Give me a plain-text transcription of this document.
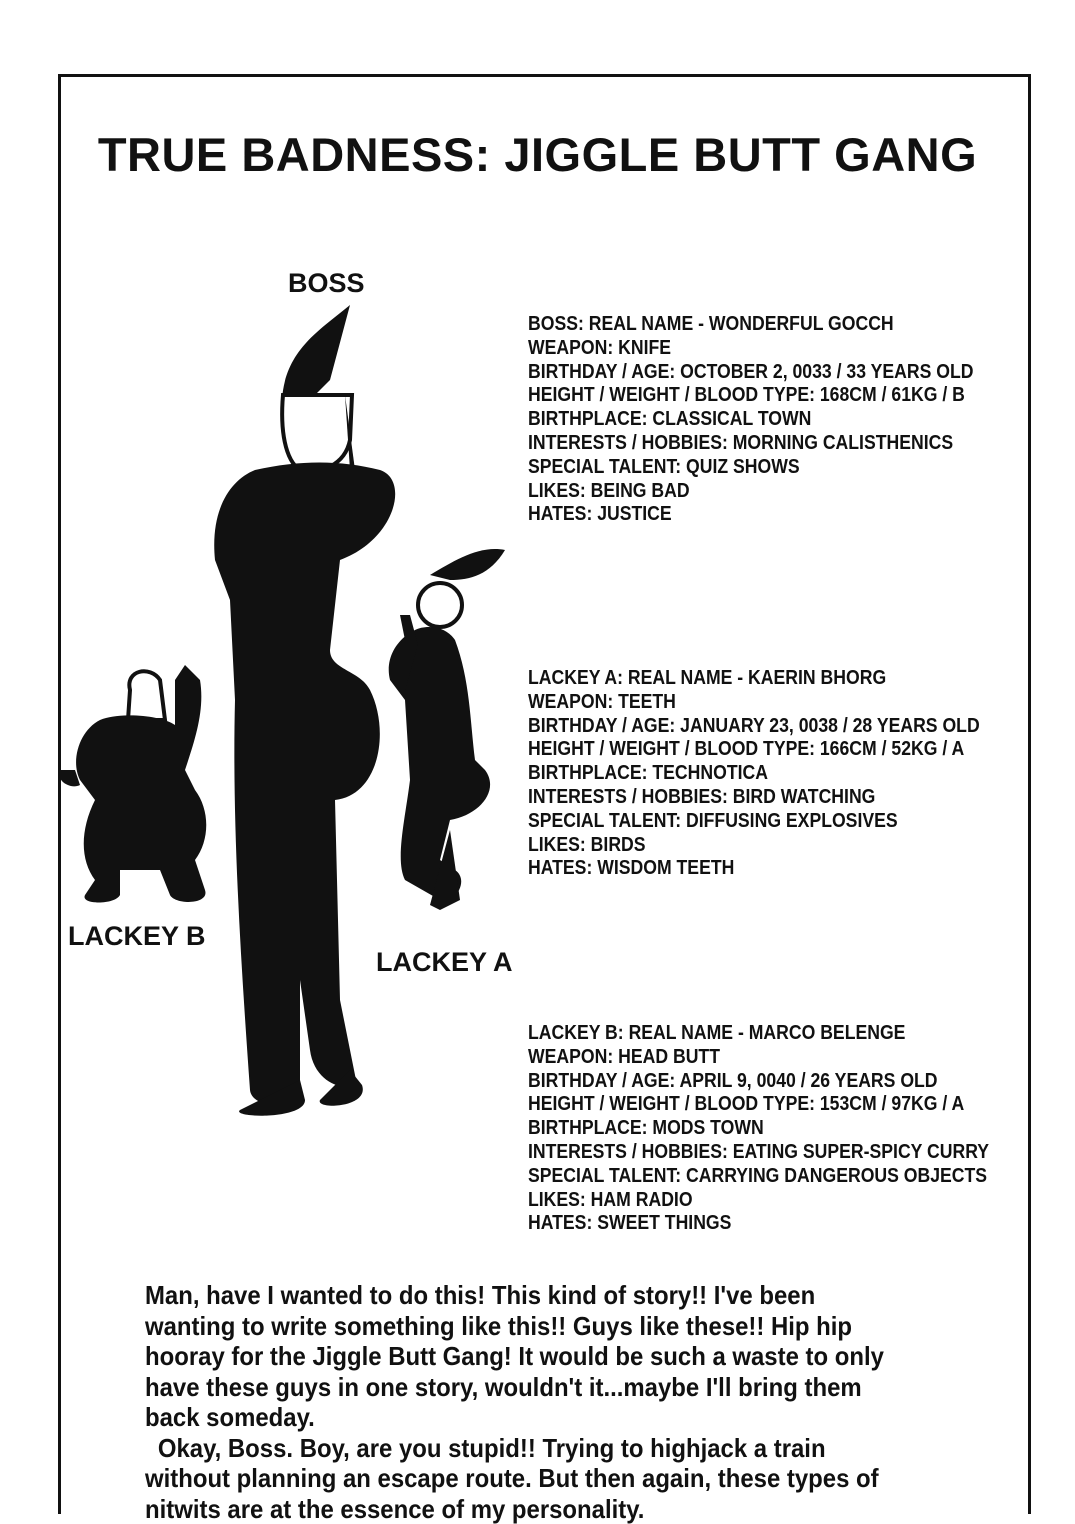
TRUE BADNESS: JIGGLE BUTT GANG

BOSS

LACKEY A

LACKEY B

BOSS: REAL NAME - WONDERFUL GOCCH
WEAPON: KNIFE
BIRTHDAY / AGE: OCTOBER 2, 0033 / 33 YEARS OLD
HEIGHT / WEIGHT / BLOOD TYPE: 168CM / 61KG / B
BIRTHPLACE: CLASSICAL TOWN
INTERESTS / HOBBIES: MORNING CALISTHENICS
SPECIAL TALENT: QUIZ SHOWS
LIKES: BEING BAD
HATES: JUSTICE
LACKEY A: REAL NAME - KAERIN BHORG
WEAPON: TEETH
BIRTHDAY / AGE: JANUARY 23, 0038 / 28 YEARS OLD
HEIGHT / WEIGHT / BLOOD TYPE: 166CM / 52KG / A
BIRTHPLACE: TECHNOTICA
INTERESTS / HOBBIES: BIRD WATCHING
SPECIAL TALENT: DIFFUSING EXPLOSIVES
LIKES: BIRDS
HATES: WISDOM TEETH
LACKEY B: REAL NAME - MARCO BELENGE
WEAPON: HEAD BUTT
BIRTHDAY / AGE: APRIL 9, 0040 / 26 YEARS OLD
HEIGHT / WEIGHT / BLOOD TYPE: 153CM / 97KG / A
BIRTHPLACE: MODS TOWN
INTERESTS / HOBBIES: EATING SUPER-SPICY CURRY
SPECIAL TALENT: CARRYING DANGEROUS OBJECTS
LIKES: HAM RADIO
HATES: SWEET THINGS

Man, have I wanted to do this! This kind of story!! I've been wanting to write something like this!! Guys like these!! Hip hip hooray for the Jiggle Butt Gang! It would be such a waste to only have these guys in one story, wouldn't it...maybe I'll bring them back someday.

Okay, Boss. Boy, are you stupid!! Trying to highjack a train without planning an escape route. But then again, these types of nitwits are at the essence of my personality.
